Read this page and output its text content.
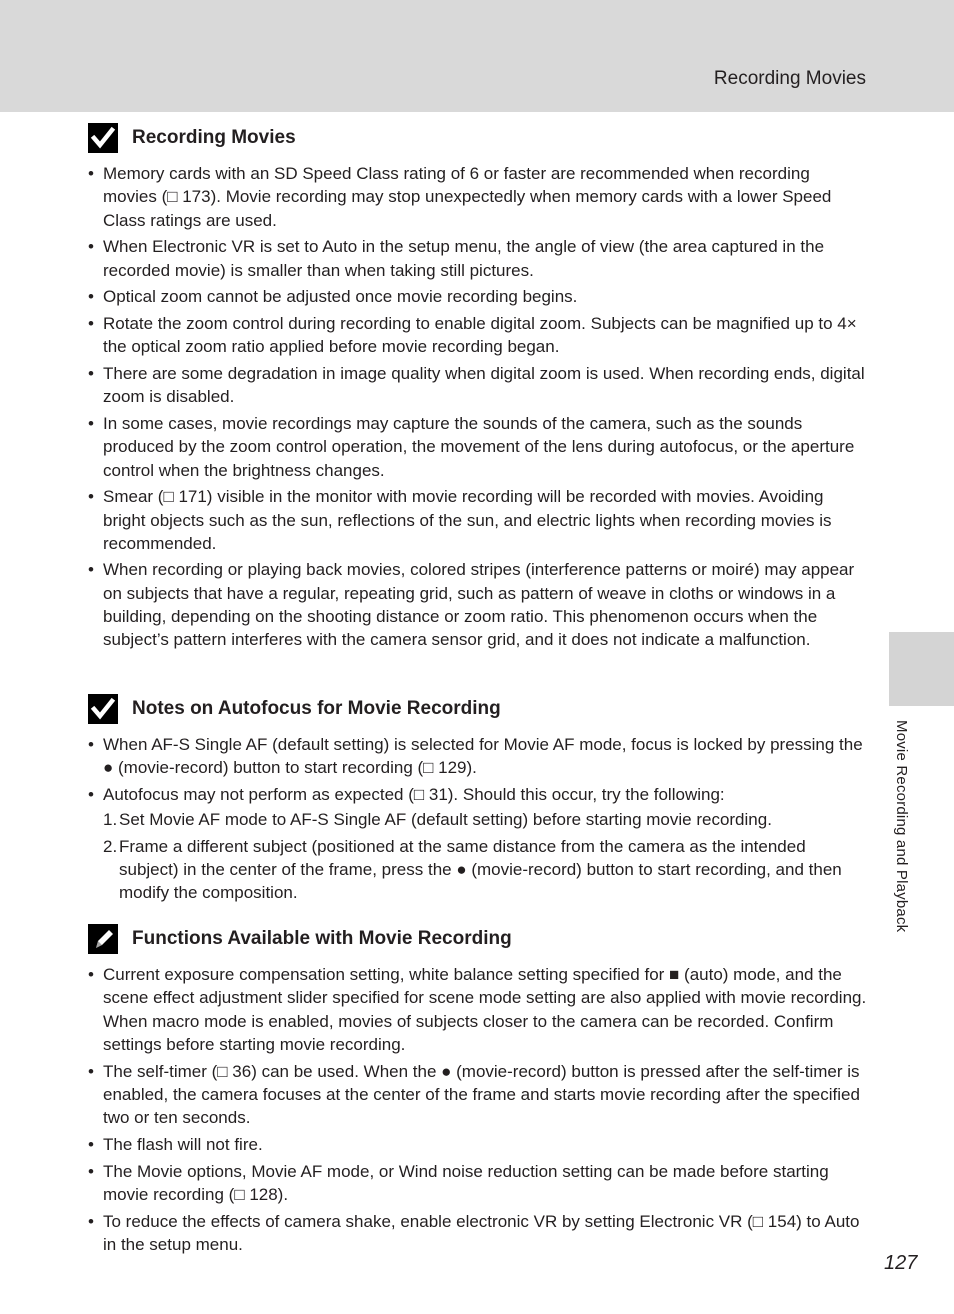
Recording Movies
Movie Recording and Playback
Recording Movies
• Memory cards with an SD Speed Class rating of 6 or faster are recommended when recording movies (□ 173). Movie recording may stop unexpectedly when memory cards with a lower Speed Class ratings are used.
• When Electronic VR is set to Auto in the setup menu, the angle of view (the area captured in the recorded movie) is smaller than when taking still pictures.
• Optical zoom cannot be adjusted once movie recording begins.
• Rotate the zoom control during recording to enable digital zoom. Subjects can be magnified up to 4× the optical zoom ratio applied before movie recording began.
• There are some degradation in image quality when digital zoom is used. When recording ends, digital zoom is disabled.
• In some cases, movie recordings may capture the sounds of the camera, such as the sounds produced by the zoom control operation, the movement of the lens during autofocus, or the aperture control when the brightness changes.
• Smear (□ 171) visible in the monitor with movie recording will be recorded with movies. Avoiding bright objects such as the sun, reflections of the sun, and electric lights when recording movies is recommended.
• When recording or playing back movies, colored stripes (interference patterns or moiré) may appear on subjects that have a regular, repeating grid, such as pattern of weave in cloths or windows in a building, depending on the shooting distance or zoom ratio. This phenomenon occurs when the subject’s pattern interferes with the camera sensor grid, and it does not indicate a malfunction.
Notes on Autofocus for Movie Recording
• When AF-S Single AF (default setting) is selected for Movie AF mode, focus is locked by pressing the ● (movie-record) button to start recording (□ 129).
• Autofocus may not perform as expected (□ 31). Should this occur, try the following:
1. Set Movie AF mode to AF-S Single AF (default setting) before starting movie recording.
2. Frame a different subject (positioned at the same distance from the camera as the intended subject) in the center of the frame, press the ● (movie-record) button to start recording, and then modify the composition.
Functions Available with Movie Recording
• Current exposure compensation setting, white balance setting specified for ■ (auto) mode, and the scene effect adjustment slider specified for scene mode setting are also applied with movie recording. When macro mode is enabled, movies of subjects closer to the camera can be recorded. Confirm settings before starting movie recording.
• The self-timer (□ 36) can be used. When the ● (movie-record) button is pressed after the self-timer is enabled, the camera focuses at the center of the frame and starts movie recording after the specified two or ten seconds.
• The flash will not fire.
• The Movie options, Movie AF mode, or Wind noise reduction setting can be made before starting movie recording (□ 128).
• To reduce the effects of camera shake, enable electronic VR by setting Electronic VR (□ 154) to Auto in the setup menu.
127
